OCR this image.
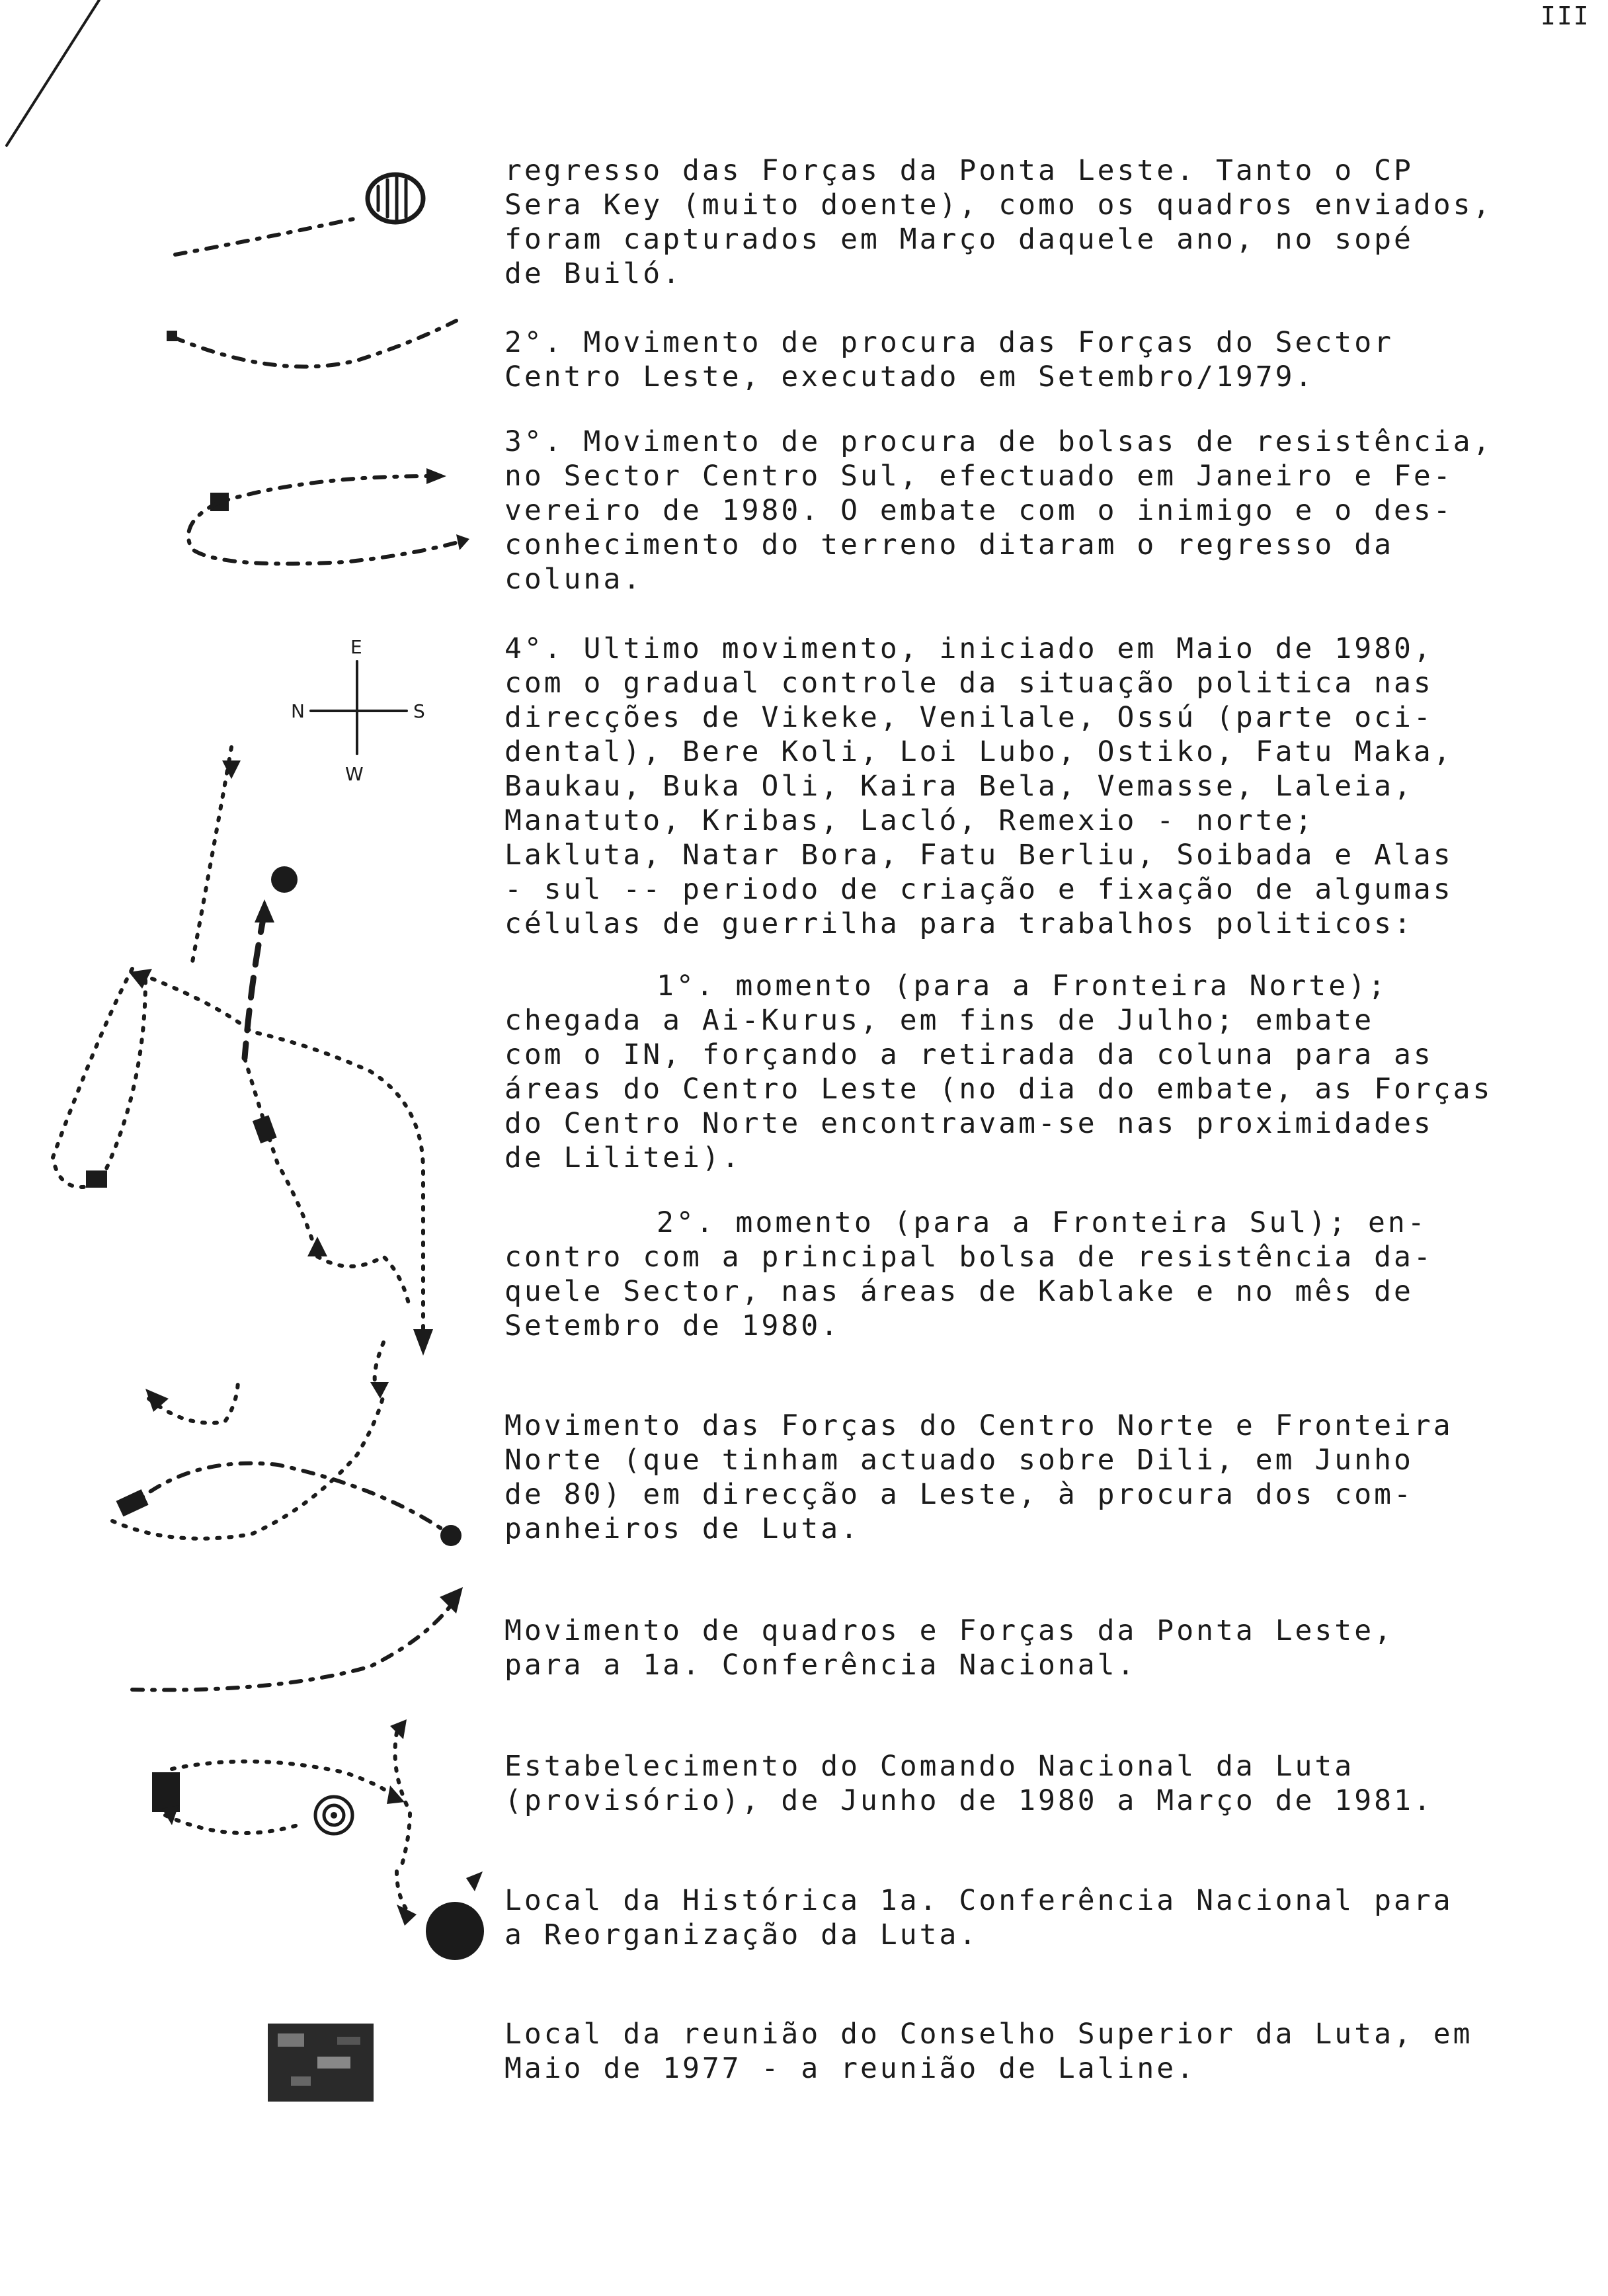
III
E
N	S
W
regresso das Forças da Ponta Leste. Tanto o CP
Sera Key (muito doente), como os quadros enviados,
foram capturados em Março daquele ano, no sopé
de Builó.
2°. Movimento de procura das Forças do Sector
Centro Leste, executado em Setembro/1979.
3°. Movimento de procura de bolsas de resistência,
no Sector Centro Sul, efectuado em Janeiro e Fe-
vereiro de 1980. O embate com o inimigo e o des-
conhecimento do terreno ditaram o regresso da
coluna.
4°. Ultimo movimento, iniciado em Maio de 1980,
com o gradual controle da situação politica nas
direcções de Vikeke, Venilale, Ossú (parte oci-
dental), Bere Koli, Loi Lubo, Ostiko, Fatu Maka,
Baukau, Buka Oli, Kaira Bela, Vemasse, Laleia,
Manatuto, Kribas, Lacló, Remexio - norte;
Lakluta, Natar Bora, Fatu Berliu, Soibada e Alas
- sul -- periodo de criação e fixação de algumas
células de guerrilha para trabalhos politicos:
1°. momento (para a Fronteira Norte);
chegada a Ai-Kurus, em fins de Julho; embate
com o IN, forçando a retirada da coluna para as
áreas do Centro Leste (no dia do embate, as Forças
do Centro Norte encontravam-se nas proximidades
de Lilitei).
2°. momento (para a Fronteira Sul); en-
contro com a principal bolsa de resistência da-
quele Sector, nas áreas de Kablake e no mês de
Setembro de 1980.
Movimento das Forças do Centro Norte e Fronteira
Norte (que tinham actuado sobre Dili, em Junho
de 80) em direcção a Leste, à procura dos com-
panheiros de Luta.
Movimento de quadros e Forças da Ponta Leste,
para a 1a. Conferência Nacional.
Estabelecimento do Comando Nacional da Luta
(provisório), de Junho de 1980 a Março de 1981.
Local da Histórica 1a. Conferência Nacional para
a Reorganização da Luta.
Local da reunião do Conselho Superior da Luta, em
Maio de 1977 - a reunião de Laline.
